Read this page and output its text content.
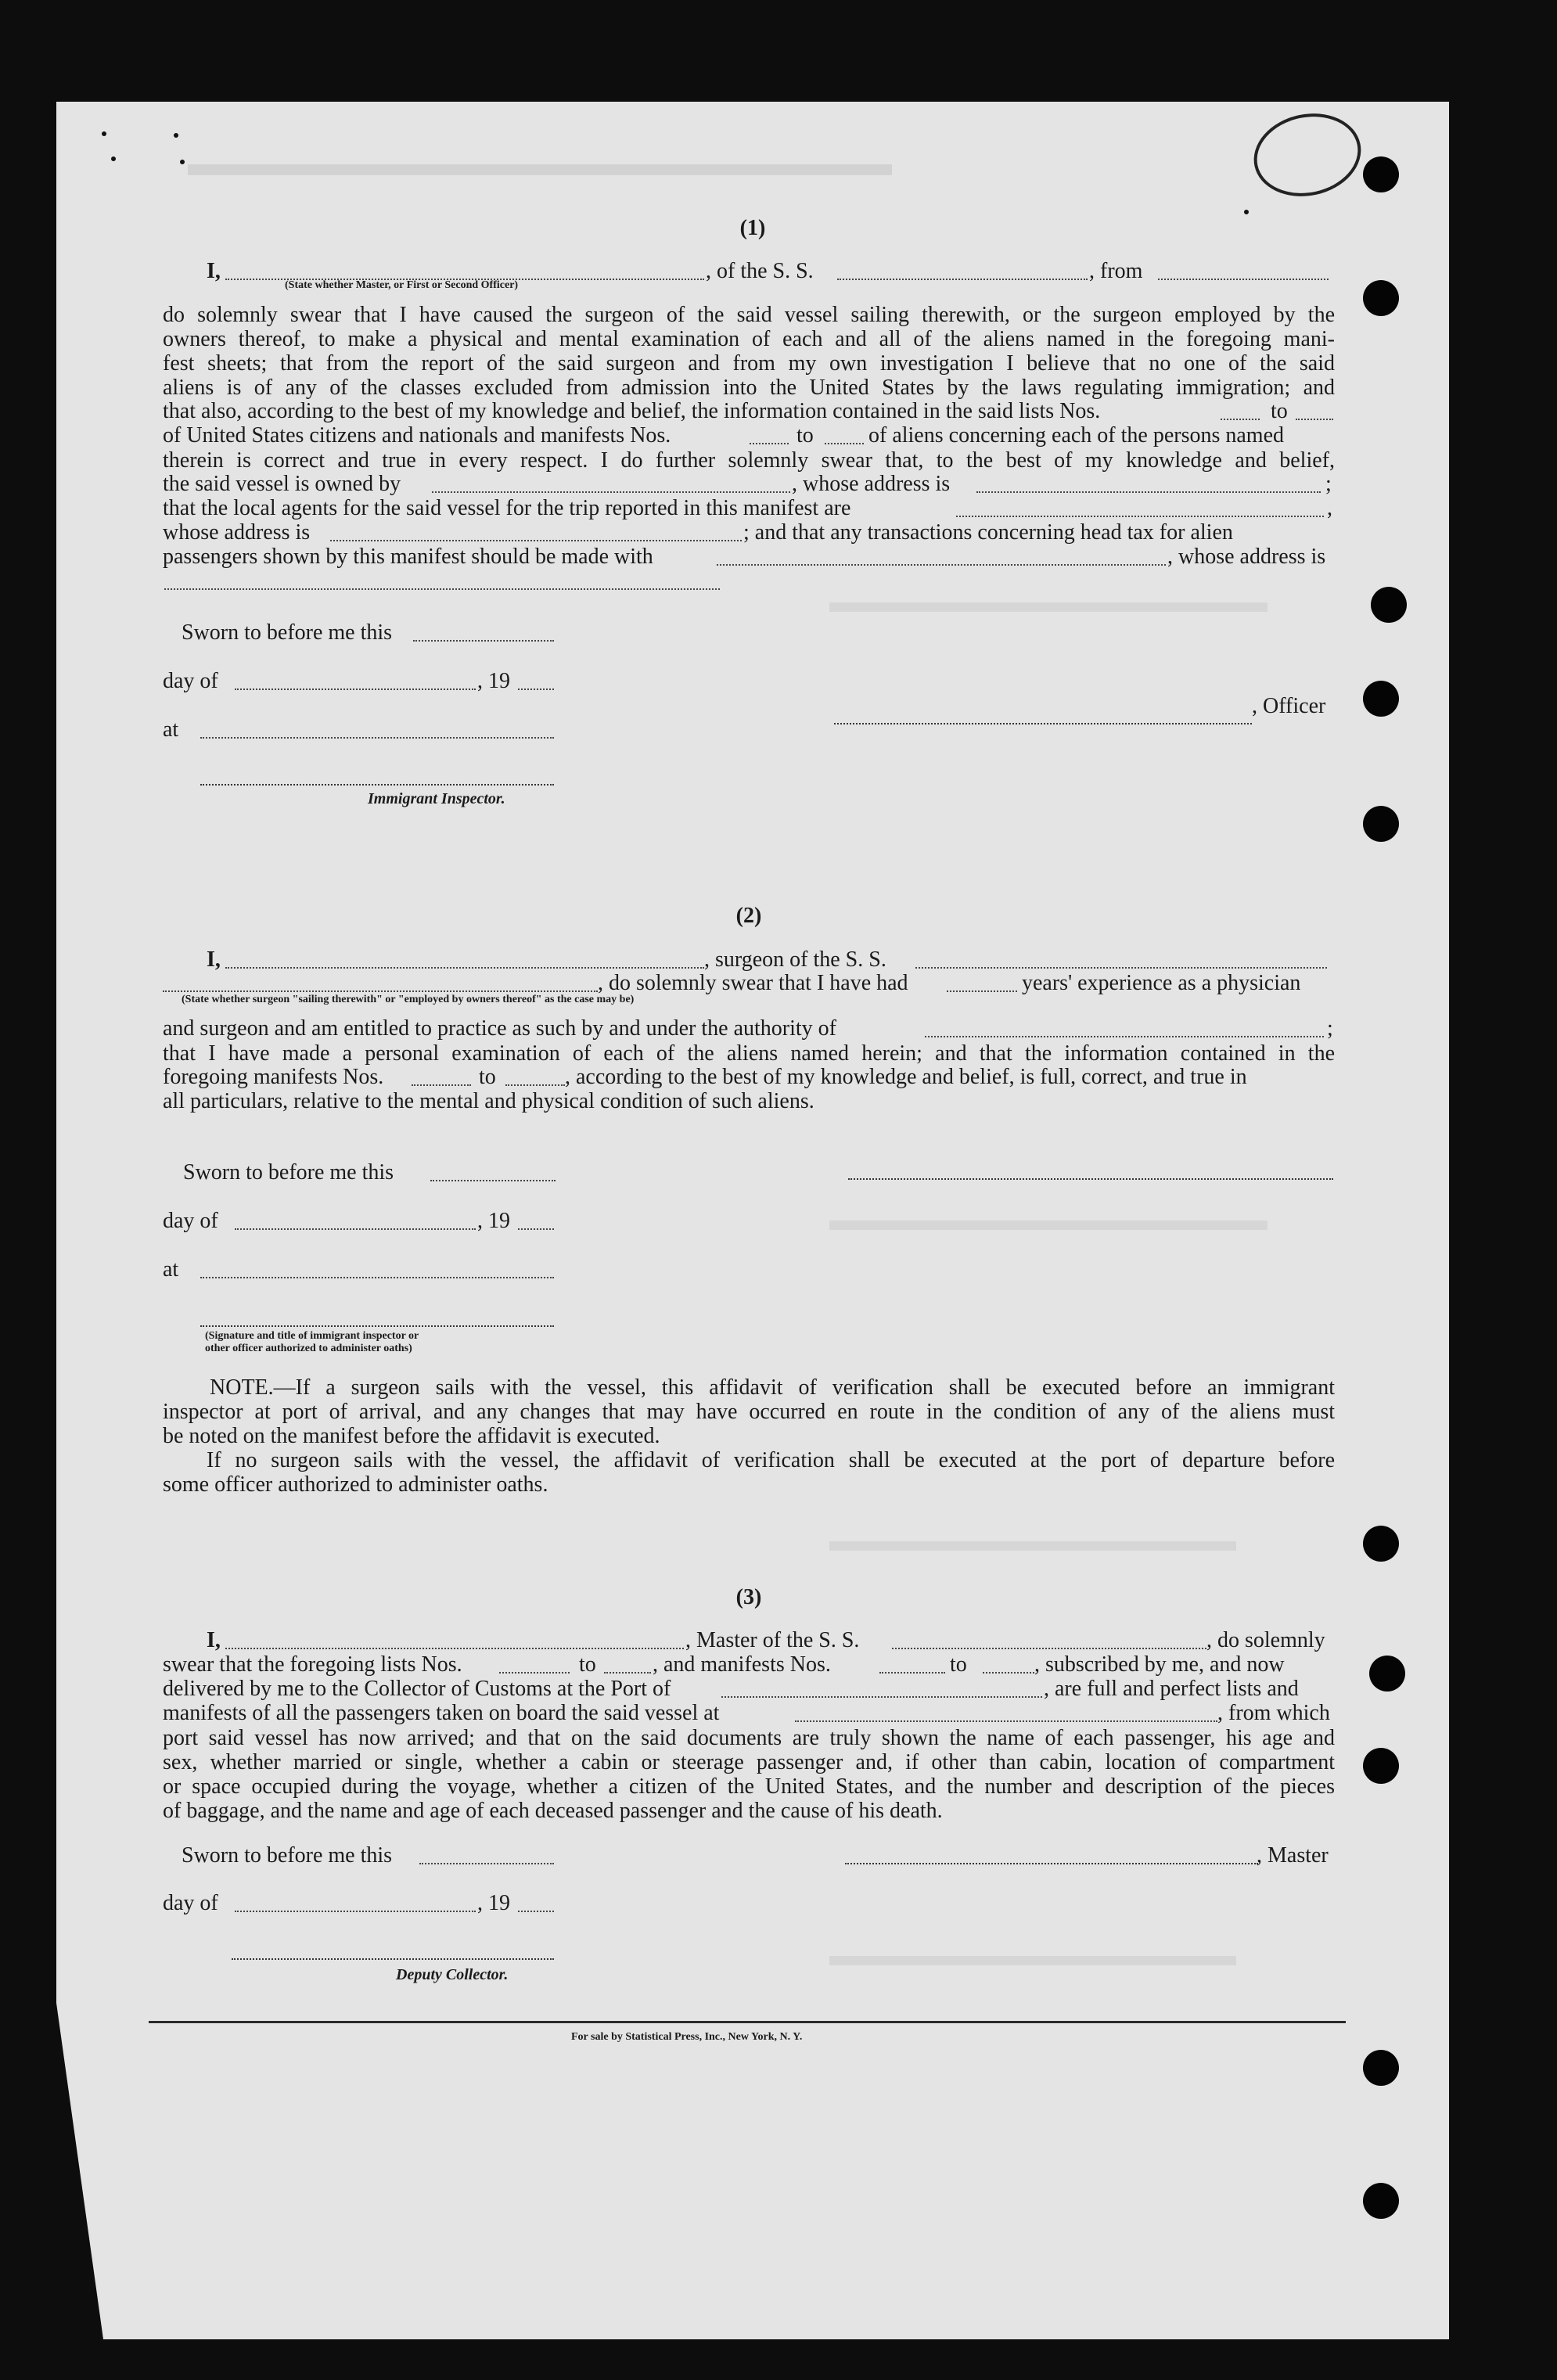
(1)
I,	, of the S. S.	, from
(State whether Master, or First or Second Officer)
do solemnly swear that I have caused the surgeon of the said vessel sailing therewith, or the surgeon employed by the
owners thereof, to make a physical and mental examination of each and all of the aliens named in the foregoing mani-
fest sheets; that from the report of the said surgeon and from my own investigation I believe that no one of the said
aliens is of any of the classes excluded from admission into the United States by the laws regulating immigration; and
that also, according to the best of my knowledge and belief, the information contained in the said lists Nos.	to
of United States citizens and nationals and manifests Nos.	to	of aliens concerning each of the persons named
therein is correct and true in every respect. I do further solemnly swear that, to the best of my knowledge and belief,
the said vessel is owned by	, whose address is	;
that the local agents for the said vessel for the trip reported in this manifest are	,
whose address is	; and that any transactions concerning head tax for alien
passengers shown by this manifest should be made with	, whose address is
Sworn to before me this
day of	, 19
at
, Officer
Immigrant Inspector.
(2)
I,	, surgeon of the S. S.
, do solemnly swear that I have had	years' experience as a physician
(State whether surgeon "sailing therewith" or "employed by owners thereof" as the case may be)
and surgeon and am entitled to practice as such by and under the authority of	;
that I have made a personal examination of each of the aliens named herein; and that the information contained in the
foregoing manifests Nos.	to	, according to the best of my knowledge and belief, is full, correct, and true in
all particulars, relative to the mental and physical condition of such aliens.
Sworn to before me this
day of	, 19
at
(Signature and title of immigrant inspector or
other officer authorized to administer oaths)
NOTE.—If a surgeon sails with the vessel, this affidavit of verification shall be executed before an immigrant
inspector at port of arrival, and any changes that may have occurred en route in the condition of any of the aliens must
be noted on the manifest before the affidavit is executed.
If no surgeon sails with the vessel, the affidavit of verification shall be executed at the port of departure before
some officer authorized to administer oaths.
(3)
I,	, Master of the S. S.	, do solemnly
swear that the foregoing lists Nos.	to	, and manifests Nos.	to	, subscribed by me, and now
delivered by me to the Collector of Customs at the Port of	, are full and perfect lists and
manifests of all the passengers taken on board the said vessel at	, from which
port said vessel has now arrived; and that on the said documents are truly shown the name of each passenger, his age and
sex, whether married or single, whether a cabin or steerage passenger and, if other than cabin, location of compartment
or space occupied during the voyage, whether a citizen of the United States, and the number and description of the pieces
of baggage, and the name and age of each deceased passenger and the cause of his death.
Sworn to before me this	, Master
day of	, 19
Deputy Collector.
For sale by Statistical Press, Inc., New York, N. Y.
